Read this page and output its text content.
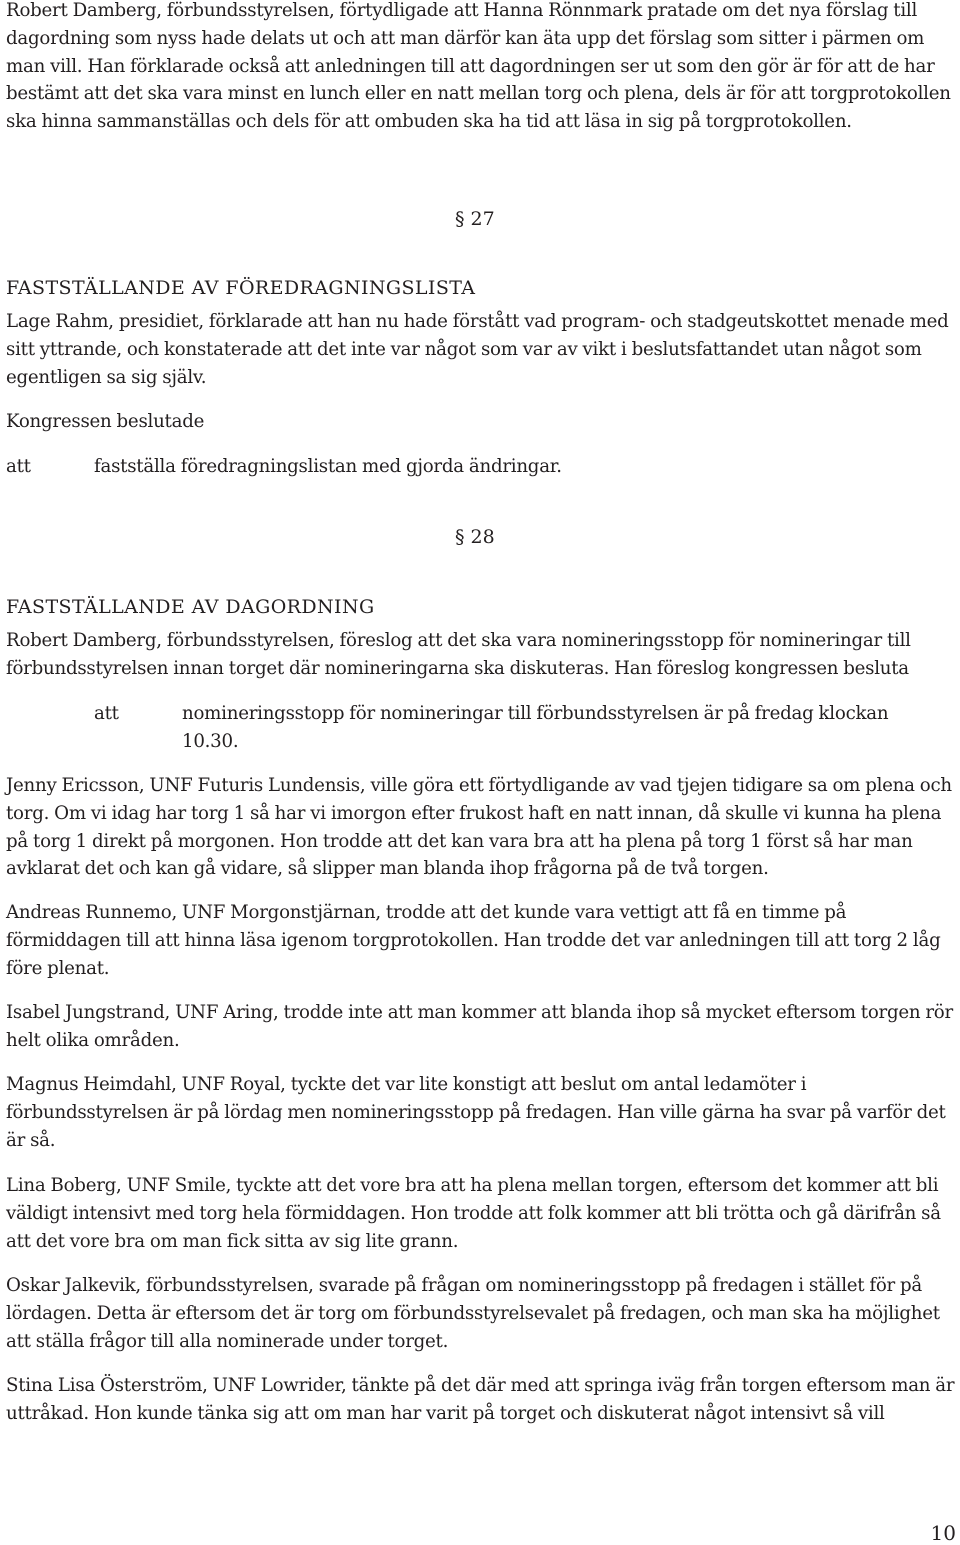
Robert Damberg, förbundsstyrelsen, förtydligade att Hanna Rönnmark pratade om det nya förslag till dagordning som nyss hade delats ut och att man därför kan äta upp det förslag som sitter i pärmen om man vill. Han förklarade också att anledningen till att dagordningen ser ut som den gör är för att de har bestämt att det ska vara minst en lunch eller en natt mellan torg och plena, dels är för att torgprotokollen ska hinna sammanställas och dels för att ombuden ska ha tid att läsa in sig på torgprotokollen.

§ 27
FASTSTÄLLANDE AV FÖREDRAGNINGSLISTA

Lage Rahm, presidiet, förklarade att han nu hade förstått vad program- och stadgeutskottet menade med sitt yttrande, och konstaterade att det inte var något som var av vikt i beslutsfattandet utan något som egentligen sa sig själv.

Kongressen beslutade

att	fastställa föredragningslistan med gjorda ändringar.

§ 28
FASTSTÄLLANDE AV DAGORDNING

Robert Damberg, förbundsstyrelsen, föreslog att det ska vara nomineringsstopp för nomineringar till förbundsstyrelsen innan torget där nomineringarna ska diskuteras. Han föreslog kongressen besluta

att	nomineringsstopp för nomineringar till förbundsstyrelsen är på fredag klockan 10.30.

Jenny Ericsson, UNF Futuris Lundensis, ville göra ett förtydligande av vad tjejen tidigare sa om plena och torg. Om vi idag har torg 1 så har vi imorgon efter frukost haft en natt innan, då skulle vi kunna ha plena på torg 1 direkt på morgonen. Hon trodde att det kan vara bra att ha plena på torg 1 först så har man avklarat det och kan gå vidare, så slipper man blanda ihop frågorna på de två torgen.

Andreas Runnemo, UNF Morgonstjärnan, trodde att det kunde vara vettigt att få en timme på förmiddagen till att hinna läsa igenom torgprotokollen. Han trodde det var anledningen till att torg 2 låg före plenat.

Isabel Jungstrand, UNF Aring, trodde inte att man kommer att blanda ihop så mycket eftersom torgen rör helt olika områden.

Magnus Heimdahl, UNF Royal, tyckte det var lite konstigt att beslut om antal ledamöter i förbundsstyrelsen är på lördag men nomineringsstopp på fredagen. Han ville gärna ha svar på varför det är så.

Lina Boberg, UNF Smile, tyckte att det vore bra att ha plena mellan torgen, eftersom det kommer att bli väldigt intensivt med torg hela förmiddagen. Hon trodde att folk kommer att bli trötta och gå därifrån så att det vore bra om man fick sitta av sig lite grann.

Oskar Jalkevik, förbundsstyrelsen, svarade på frågan om nomineringsstopp på fredagen i stället för på lördagen. Detta är eftersom det är torg om förbundsstyrelsevalet på fredagen, och man ska ha möjlighet att ställa frågor till alla nominerade under torget.

Stina Lisa Österström, UNF Lowrider, tänkte på det där med att springa iväg från torgen eftersom man är uttråkad. Hon kunde tänka sig att om man har varit på torget och diskuterat något intensivt så vill

10
